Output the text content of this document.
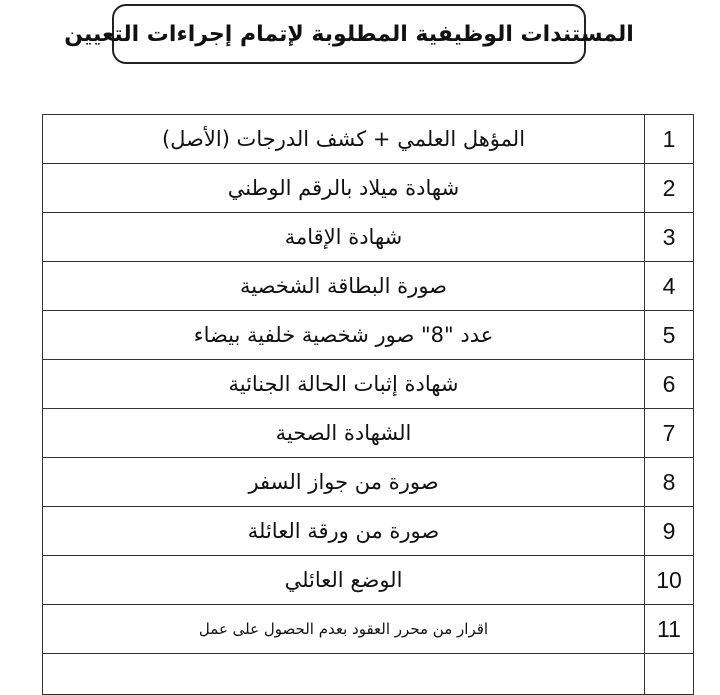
المستندات الوظيفية المطلوبة لإتمام إجراءات التعيين
1	المؤهل العلمي + كشف الدرجات (الأصل)
2	شهادة ميلاد بالرقم الوطني
3	شهادة الإقامة
4	صورة البطاقة الشخصية
5	عدد "8" صور شخصية خلفية بيضاء
6	شهادة إثبات الحالة الجنائية
7	الشهادة الصحية
8	صورة من جواز السفر
9	صورة من ورقة العائلة
10	الوضع العائلي
11	اقرار من محرر العقود بعدم الحصول على عمل
